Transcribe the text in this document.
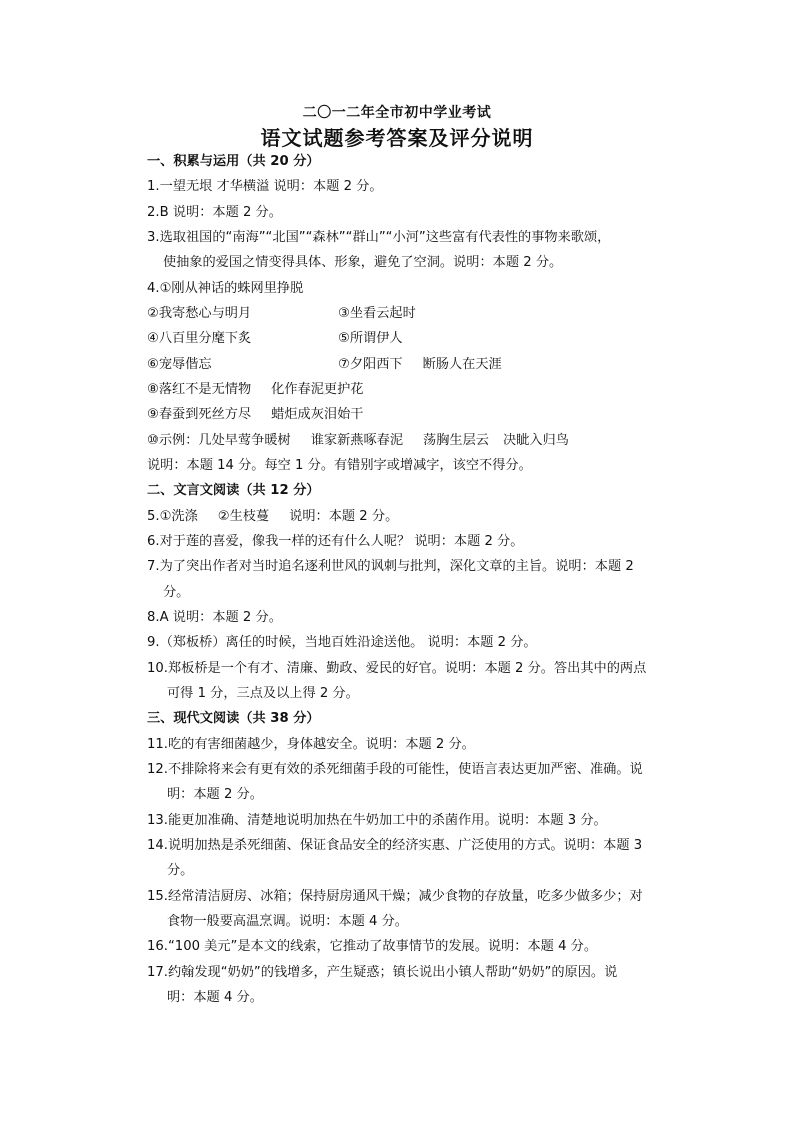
二〇一二年全市初中学业考试
语文试题参考答案及评分说明
一、积累与运用（共 20 分）
1.一望无垠 才华横溢 说明：本题 2 分。
2.B 说明：本题 2 分。
3.选取祖国的“南海”“北国”“森林”“群山”“小河”这些富有代表性的事物来歌颂，
使抽象的爱国之情变得具体、形象，避免了空洞。说明：本题 2 分。
4.①刚从神话的蛛网里挣脱
②我寄愁心与明月	③坐看云起时
④八百里分麾下炙	⑤所谓伊人
⑥宠辱偕忘	⑦夕阳西下 断肠人在天涯
⑧落红不是无情物 化作春泥更护花
⑨春蚕到死丝方尽 蜡炬成灰泪始干
⑩示例：几处早莺争暖树 谁家新燕啄春泥 荡胸生层云 决眦入归鸟
说明：本题 14 分。每空 1 分。有错别字或增减字，该空不得分。
二、文言文阅读（共 12 分）
5.①洗涤 ②生枝蔓 说明：本题 2 分。
6.对于莲的喜爱，像我一样的还有什么人呢？ 说明：本题 2 分。
7.为了突出作者对当时追名逐利世风的讽刺与批判，深化文章的主旨。说明：本题 2
分。
8.A 说明：本题 2 分。
9.（郑板桥）离任的时候，当地百姓沿途送他。 说明：本题 2 分。
10.郑板桥是一个有才、清廉、勤政、爱民的好官。说明：本题 2 分。答出其中的两点
可得 1 分，三点及以上得 2 分。
三、现代文阅读（共 38 分）
11.吃的有害细菌越少，身体越安全。说明：本题 2 分。
12.不排除将来会有更有效的杀死细菌手段的可能性，使语言表达更加严密、准确。说
明：本题 2 分。
13.能更加准确、清楚地说明加热在牛奶加工中的杀菌作用。说明：本题 3 分。
14.说明加热是杀死细菌、保证食品安全的经济实惠、广泛使用的方式。说明：本题 3
分。
15.经常清洁厨房、冰箱；保持厨房通风干燥；减少食物的存放量，吃多少做多少；对
食物一般要高温烹调。说明：本题 4 分。
16.“100 美元”是本文的线索，它推动了故事情节的发展。说明：本题 4 分。
17.约翰发现“奶奶”的钱增多，产生疑惑；镇长说出小镇人帮助“奶奶”的原因。说
明：本题 4 分。
